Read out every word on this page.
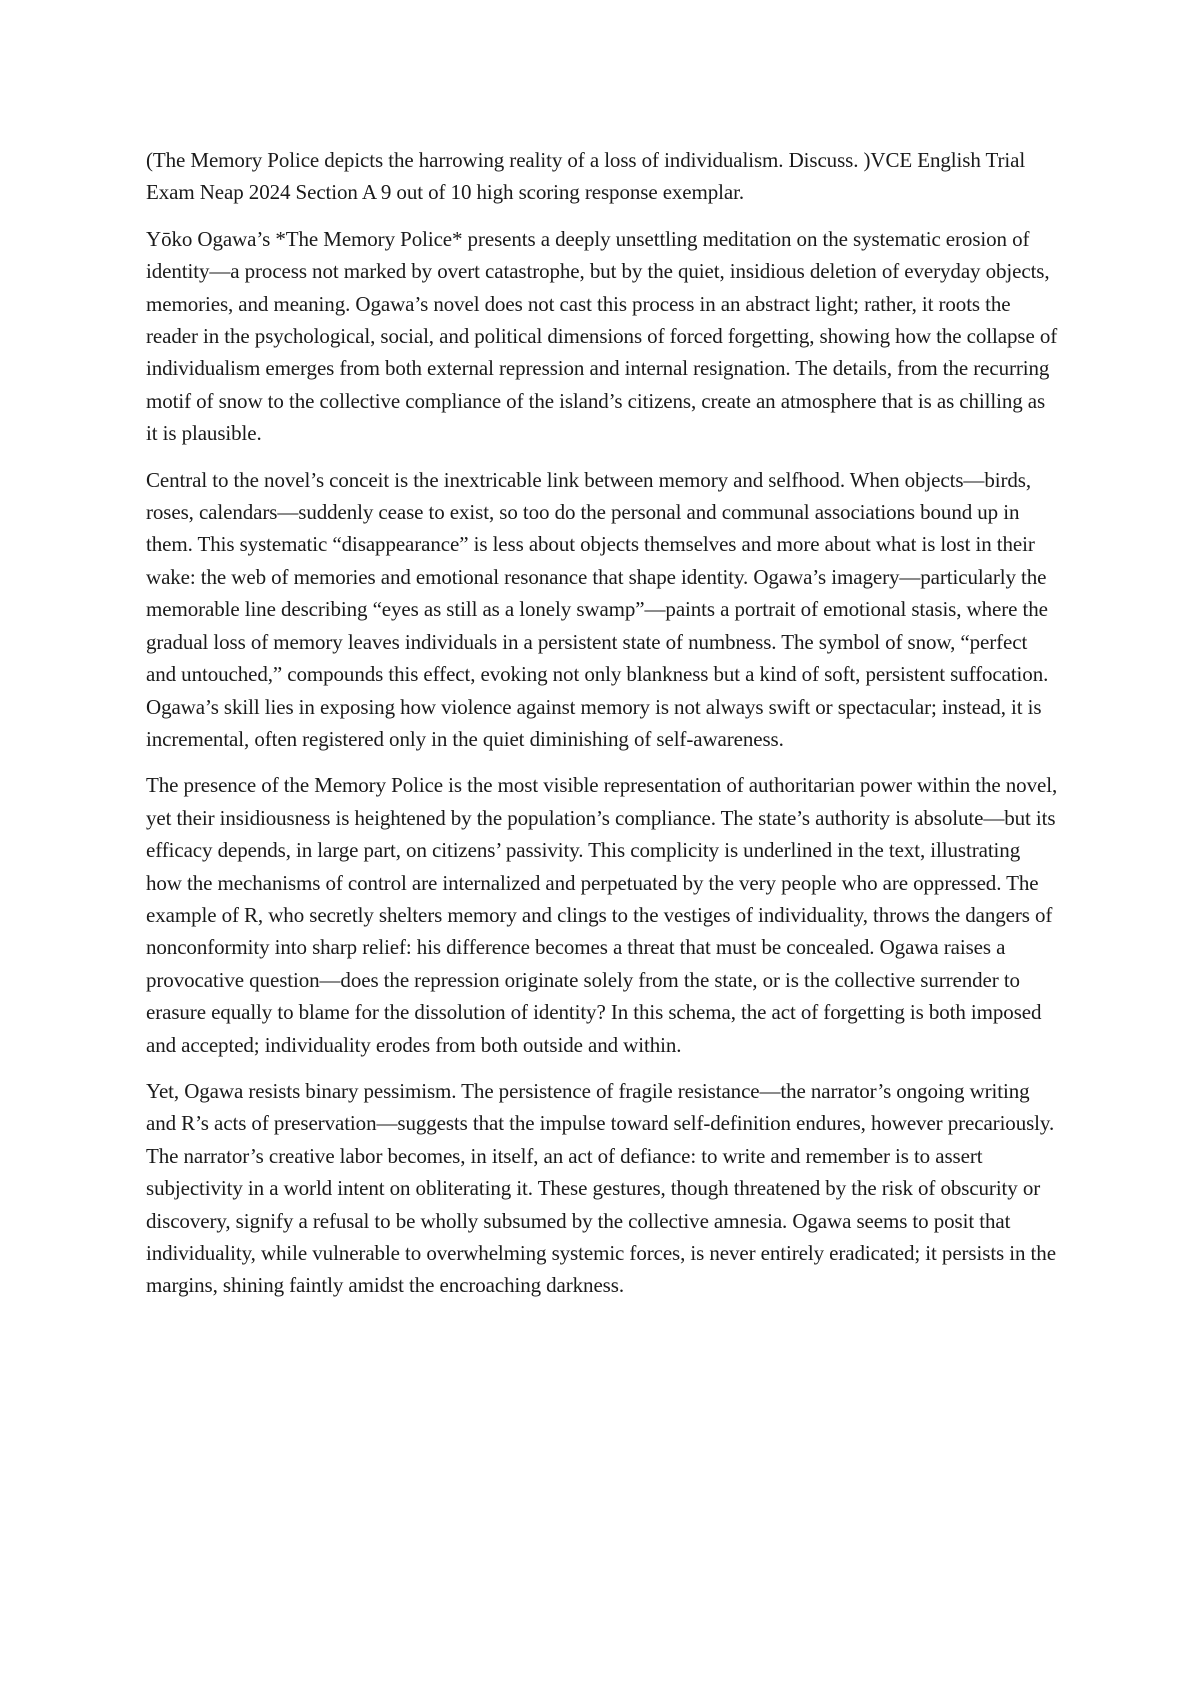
(The Memory Police depicts the harrowing reality of a loss of individualism. Discuss. )VCE English Trial Exam Neap 2024 Section A 9 out of 10 high scoring response exemplar.

Yōko Ogawa’s *The Memory Police* presents a deeply unsettling meditation on the systematic erosion of identity—a process not marked by overt catastrophe, but by the quiet, insidious deletion of everyday objects, memories, and meaning. Ogawa’s novel does not cast this process in an abstract light; rather, it roots the reader in the psychological, social, and political dimensions of forced forgetting, showing how the collapse of individualism emerges from both external repression and internal resignation. The details, from the recurring motif of snow to the collective compliance of the island’s citizens, create an atmosphere that is as chilling as it is plausible.

Central to the novel’s conceit is the inextricable link between memory and selfhood. When objects—birds, roses, calendars—suddenly cease to exist, so too do the personal and communal associations bound up in them. This systematic “disappearance” is less about objects themselves and more about what is lost in their wake: the web of memories and emotional resonance that shape identity. Ogawa’s imagery—particularly the memorable line describing “eyes as still as a lonely swamp”—paints a portrait of emotional stasis, where the gradual loss of memory leaves individuals in a persistent state of numbness. The symbol of snow, “perfect and untouched,” compounds this effect, evoking not only blankness but a kind of soft, persistent suffocation. Ogawa’s skill lies in exposing how violence against memory is not always swift or spectacular; instead, it is incremental, often registered only in the quiet diminishing of self-awareness.

The presence of the Memory Police is the most visible representation of authoritarian power within the novel, yet their insidiousness is heightened by the population’s compliance. The state’s authority is absolute—but its efficacy depends, in large part, on citizens’ passivity. This complicity is underlined in the text, illustrating how the mechanisms of control are internalized and perpetuated by the very people who are oppressed. The example of R, who secretly shelters memory and clings to the vestiges of individuality, throws the dangers of nonconformity into sharp relief: his difference becomes a threat that must be concealed. Ogawa raises a provocative question—does the repression originate solely from the state, or is the collective surrender to erasure equally to blame for the dissolution of identity? In this schema, the act of forgetting is both imposed and accepted; individuality erodes from both outside and within.

Yet, Ogawa resists binary pessimism. The persistence of fragile resistance—the narrator’s ongoing writing and R’s acts of preservation—suggests that the impulse toward self-definition endures, however precariously. The narrator’s creative labor becomes, in itself, an act of defiance: to write and remember is to assert subjectivity in a world intent on obliterating it. These gestures, though threatened by the risk of obscurity or discovery, signify a refusal to be wholly subsumed by the collective amnesia. Ogawa seems to posit that individuality, while vulnerable to overwhelming systemic forces, is never entirely eradicated; it persists in the margins, shining faintly amidst the encroaching darkness.
